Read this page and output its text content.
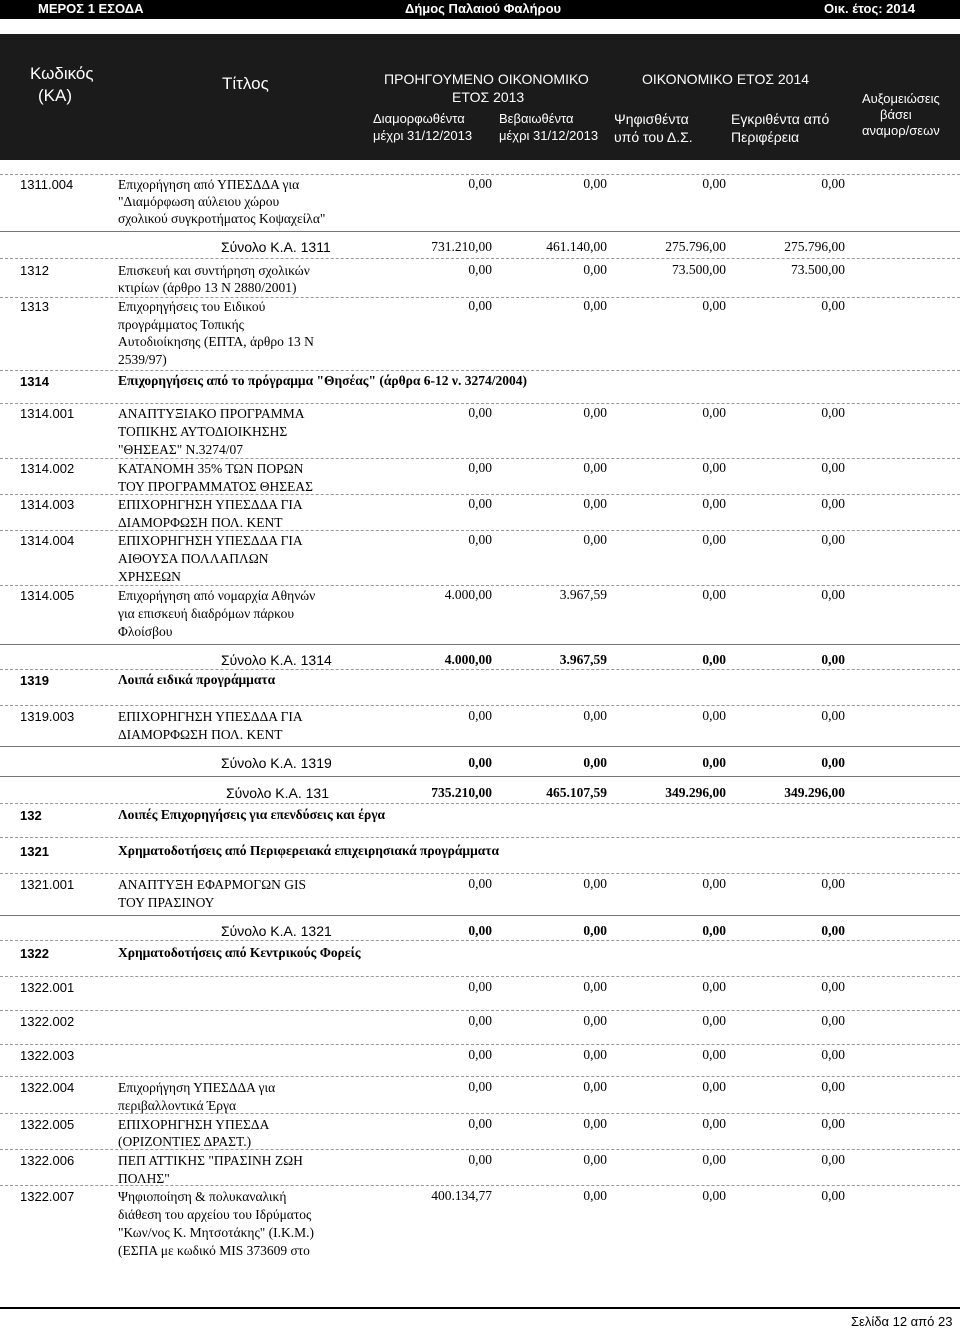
ΜΕΡΟΣ 1 ΕΣΟΔΑ	Δήμος Παλαιού Φαλήρου	Οικ. έτος: 2014
Κωδικός
(ΚΑ)
Τίτλος	ΠΡΟΗΓΟΥΜΕΝΟ ΟΙΚΟΝΟΜΙΚΟ
ΕΤΟΣ 2013
ΟΙΚΟΝΟΜΙΚΟ ΕΤΟΣ 2014
Διαμορφωθέντα
μέχρι 31/12/2013
Βεβαιωθέντα
μέχρι 31/12/2013
Ψηφισθέντα
υπό του Δ.Σ.
Εγκριθέντα από
Περιφέρεια
Αυξομειώσεις
βάσει
αναμορ/σεων
1311.004	Επιχορήγηση από ΥΠΕΣΔΔΑ για
"Διαμόρφωση αύλειου χώρου
σχολικού συγκροτήματος Κοψαχείλα"
0,00	0,00	0,00	0,00
Σύνολο Κ.Α. 1311	731.210,00	461.140,00	275.796,00	275.796,00
1312	Επισκευή και συντήρηση σχολικών
κτιρίων (άρθρο 13 Ν 2880/2001)
0,00	0,00	73.500,00	73.500,00
1313	Επιχορηγήσεις του Ειδικού
προγράμματος Τοπικής
Αυτοδιοίκησης (ΕΠΤΑ, άρθρο 13 Ν
2539/97)
0,00	0,00	0,00	0,00
1314	Επιχορηγήσεις από το πρόγραμμα "Θησέας" (άρθρα 6-12 ν. 3274/2004)
1314.001	ΑΝΑΠΤΥΞΙΑΚΟ ΠΡΟΓΡΑΜΜΑ
ΤΟΠΙΚΗΣ ΑΥΤΟΔΙΟΙΚΗΣΗΣ
"ΘΗΣΕΑΣ" Ν.3274/07
0,00	0,00	0,00	0,00
1314.002	ΚΑΤΑΝΟΜΗ 35% ΤΩΝ ΠΟΡΩΝ
ΤΟΥ ΠΡΟΓΡΑΜΜΑΤΟΣ ΘΗΣΕΑΣ
0,00	0,00	0,00	0,00
1314.003	ΕΠΙΧΟΡΗΓΗΣΗ ΥΠΕΣΔΔΑ ΓΙΑ
ΔΙΑΜΟΡΦΩΣΗ ΠΟΛ. ΚΕΝΤ
0,00	0,00	0,00	0,00
1314.004	ΕΠΙΧΟΡΗΓΗΣΗ ΥΠΕΣΔΔΑ ΓΙΑ
ΑΙΘΟΥΣΑ ΠΟΛΛΑΠΛΩΝ
ΧΡΗΣΕΩΝ
0,00	0,00	0,00	0,00
1314.005	Επιχορήγηση από νομαρχία Αθηνών
για επισκευή διαδρόμων πάρκου
Φλοίσβου
4.000,00	3.967,59	0,00	0,00
Σύνολο Κ.Α. 1314	4.000,00	3.967,59	0,00	0,00
1319	Λοιπά ειδικά προγράμματα
1319.003	ΕΠΙΧΟΡΗΓΗΣΗ ΥΠΕΣΔΔΑ ΓΙΑ
ΔΙΑΜΟΡΦΩΣΗ ΠΟΛ. ΚΕΝΤ
0,00	0,00	0,00	0,00
Σύνολο Κ.Α. 1319	0,00	0,00	0,00	0,00
Σύνολο Κ.Α. 131	735.210,00	465.107,59	349.296,00	349.296,00
132	Λοιπές Επιχορηγήσεις για επενδύσεις και έργα
1321	Χρηματοδοτήσεις από Περιφερειακά επιχειρησιακά προγράμματα
1321.001	ΑΝΑΠΤΥΞΗ ΕΦΑΡΜΟΓΩΝ GIS
ΤΟΥ ΠΡΑΣΙΝΟΥ
0,00	0,00	0,00	0,00
Σύνολο Κ.Α. 1321	0,00	0,00	0,00	0,00
1322	Χρηματοδοτήσεις από Κεντρικούς Φορείς
1322.001	0,00	0,00	0,00	0,00
1322.002	0,00	0,00	0,00	0,00
1322.003	0,00	0,00	0,00	0,00
1322.004	Επιχορήγηση ΥΠΕΣΔΔΑ για
περιβαλλοντικά Έργα
0,00	0,00	0,00	0,00
1322.005	ΕΠΙΧΟΡΗΓΗΣΗ ΥΠΕΣΔΑ
(ΟΡΙΖΟΝΤΙΕΣ ΔΡΑΣΤ.)
0,00	0,00	0,00	0,00
1322.006	ΠΕΠ ΑΤΤΙΚΗΣ "ΠΡΑΣΙΝΗ ΖΩΗ
ΠΟΛΗΣ"
0,00	0,00	0,00	0,00
1322.007	Ψηφιοποίηση & πολυκαναλική
διάθεση του αρχείου του Ιδρύματος
"Κων/νος Κ. Μητσοτάκης" (Ι.Κ.Μ.)
(ΕΣΠΑ με κωδικό MIS 373609 στο
400.134,77	0,00	0,00	0,00
Σελίδα 12 από 23
